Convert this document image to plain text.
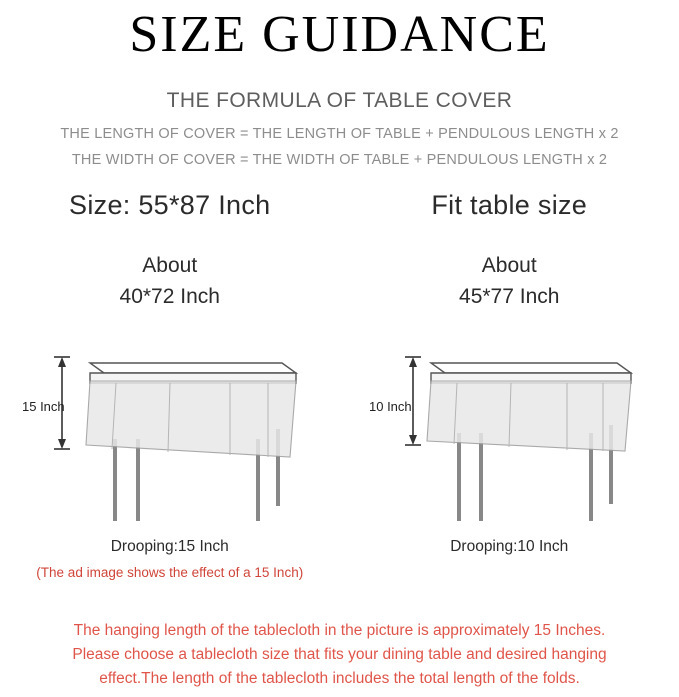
SIZE GUIDANCE
THE FORMULA OF TABLE COVER
THE LENGTH OF COVER = THE LENGTH OF TABLE + PENDULOUS LENGTH x 2
THE WIDTH OF COVER = THE WIDTH OF TABLE + PENDULOUS LENGTH x 2
Size: 55*87 Inch
About
40*72 Inch
15 Inch
Drooping:15 Inch
(The ad image shows the effect of a 15 Inch)
Fit table size
About
45*77 Inch
10 Inch
Drooping:10 Inch
The hanging length of the tablecloth in the picture is approximately 15 Inches.
Please choose a tablecloth size that fits your dining table and desired hanging
effect.The length of the tablecloth includes the total length of the folds.
